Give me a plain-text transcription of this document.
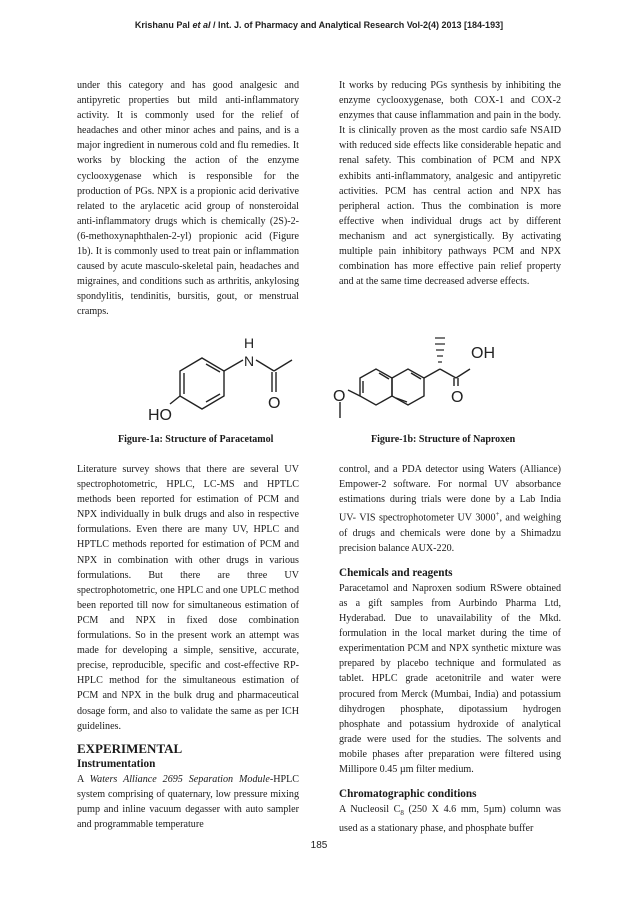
Krishanu Pal et al / Int. J. of Pharmacy and Analytical Research Vol-2(4) 2013 [184-193]

under this category and has good analgesic and antipyretic properties but mild anti-inflammatory activity. It is commonly used for the relief of headaches and other minor aches and pains, and is a major ingredient in numerous cold and flu remedies. It works by blocking the action of the enzyme cyclooxygenase which is responsible for the production of PGs. NPX is a propionic acid derivative related to the arylacetic acid group of nonsteroidal anti-inflammatory drugs which is chemically (2S)-2-(6-methoxynaphthalen-2-yl) propionic acid (Figure 1b). It is commonly used to treat pain or inflammation caused by acute masculo-skeletal pain, headaches and migraines, and conditions such as arthritis, ankylosing spondylitis, tendinitis, bursitis, gout, or menstrual cramps.

It works by reducing PGs synthesis by inhibiting the enzyme cyclooxygenase, both COX-1 and COX-2 enzymes that cause inflammation and pain in the body. It is clinically proven as the most cardio safe NSAID with reduced side effects like considerable hepatic and renal safety. This combination of PCM and NPX exhibits anti-inflammatory, analgesic and antipyretic activities. PCM has central action and NPX has peripheral action. Thus the combination is more effective when individual drugs act by different mechanism and act synergistically. By activating multiple pain inhibitory pathways PCM and NPX combination has more effective pain relief property and at the same time decreased adverse effects.

H
N
O
HO
OH
O
O
Figure-1a: Structure of Paracetamol	Figure-1b: Structure of Naproxen

Literature survey shows that there are several UV spectrophotometric, HPLC, LC-MS and HPTLC methods been reported for estimation of PCM and NPX individually in bulk drugs and also in respective formulations. Even there are many UV, HPLC and HPTLC methods reported for estimation of PCM and NPX in combination with other drugs in various formulations. But there are three UV spectrophotometric, one HPLC and one UPLC method been reported till now for simultaneous estimation of PCM and NPX in fixed dose combination formulations. So in the present work an attempt was made for developing a simple, sensitive, accurate, precise, reproducible, specific and cost-effective RP-HPLC method for the simultaneous estimation of PCM and NPX in the bulk drug and pharmaceutical dosage form, and also to validate the same as per ICH guidelines.

EXPERIMENTAL

Instrumentation

A Waters Alliance 2695 Separation Module-HPLC system comprising of quaternary, low pressure mixing pump and inline vacuum degasser with auto sampler and programmable temperature

control, and a PDA detector using Waters (Alliance) Empower-2 software. For normal UV absorbance estimations during trials were done by a Lab India UV- VIS spectrophotometer UV 3000+, and weighing of drugs and chemicals were done by a Shimadzu precision balance AUX-220.

Chemicals and reagents

Paracetamol and Naproxen sodium RSwere obtained as a gift samples from Aurbindo Pharma Ltd, Hyderabad. Due to unavailability of the Mkd. formulation in the local market during the time of experimentation PCM and NPX synthetic mixture was prepared by placebo technique and formulated as tablet. HPLC grade acetonitrile and water were procured from Merck (Mumbai, India) and potassium dihydrogen phosphate, dipotassium hydrogen phosphate and potassium hydroxide of analytical grade were used for the studies. The solvents and mobile phases after preparation were filtered using Millipore 0.45 µm filter medium.

Chromatographic conditions

A Nucleosil $C_8$ (250 X 4.6 mm, 5µm) column was used as a stationary phase, and phosphate buffer

185
